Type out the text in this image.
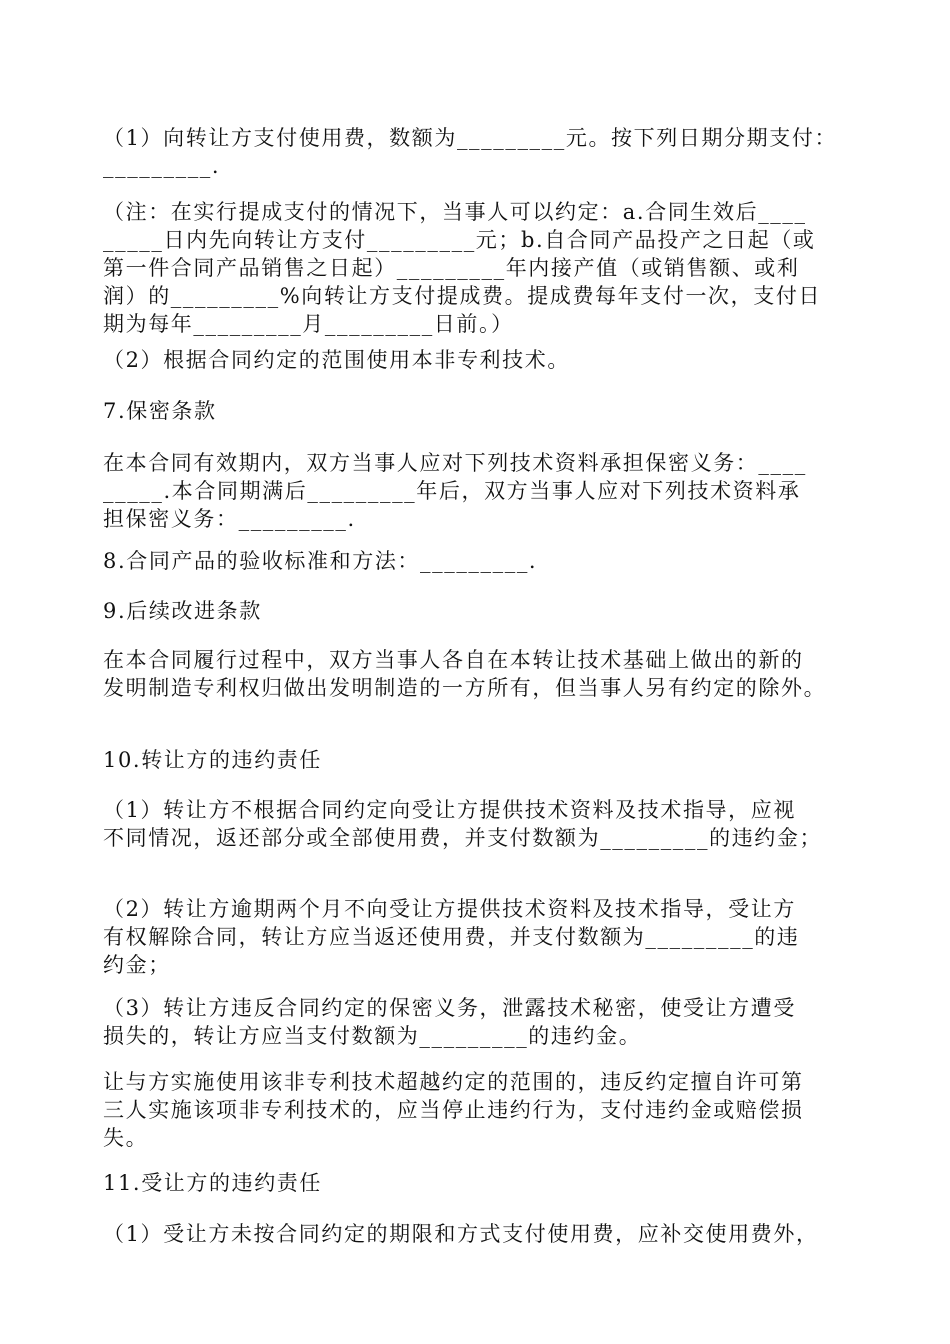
（1）向转让方支付使用费，数额为_________元。按下列日期分期支付：
_________.

（注：在实行提成支付的情况下，当事人可以约定：a.合同生效后____
_____日内先向转让方支付_________元；b.自合同产品投产之日起（或
第一件合同产品销售之日起）_________年内接产值（或销售额、或利
润）的_________%向转让方支付提成费。提成费每年支付一次，支付日
期为每年_________月_________日前。）

（2）根据合同约定的范围使用本非专利技术。

7.保密条款

在本合同有效期内，双方当事人应对下列技术资料承担保密义务：____
_____.本合同期满后_________年后，双方当事人应对下列技术资料承
担保密义务：_________.

8.合同产品的验收标准和方法：_________.

9.后续改进条款

在本合同履行过程中，双方当事人各自在本转让技术基础上做出的新的
发明制造专利权归做出发明制造的一方所有，但当事人另有约定的除外。

10.转让方的违约责任

（1）转让方不根据合同约定向受让方提供技术资料及技术指导，应视
不同情况，返还部分或全部使用费，并支付数额为_________的违约金；

（2）转让方逾期两个月不向受让方提供技术资料及技术指导，受让方
有权解除合同，转让方应当返还使用费，并支付数额为_________的违
约金；

（3）转让方违反合同约定的保密义务，泄露技术秘密，使受让方遭受
损失的，转让方应当支付数额为_________的违约金。

让与方实施使用该非专利技术超越约定的范围的，违反约定擅自许可第
三人实施该项非专利技术的，应当停止违约行为，支付违约金或赔偿损
失。

11.受让方的违约责任

（1）受让方未按合同约定的期限和方式支付使用费，应补交使用费外，
